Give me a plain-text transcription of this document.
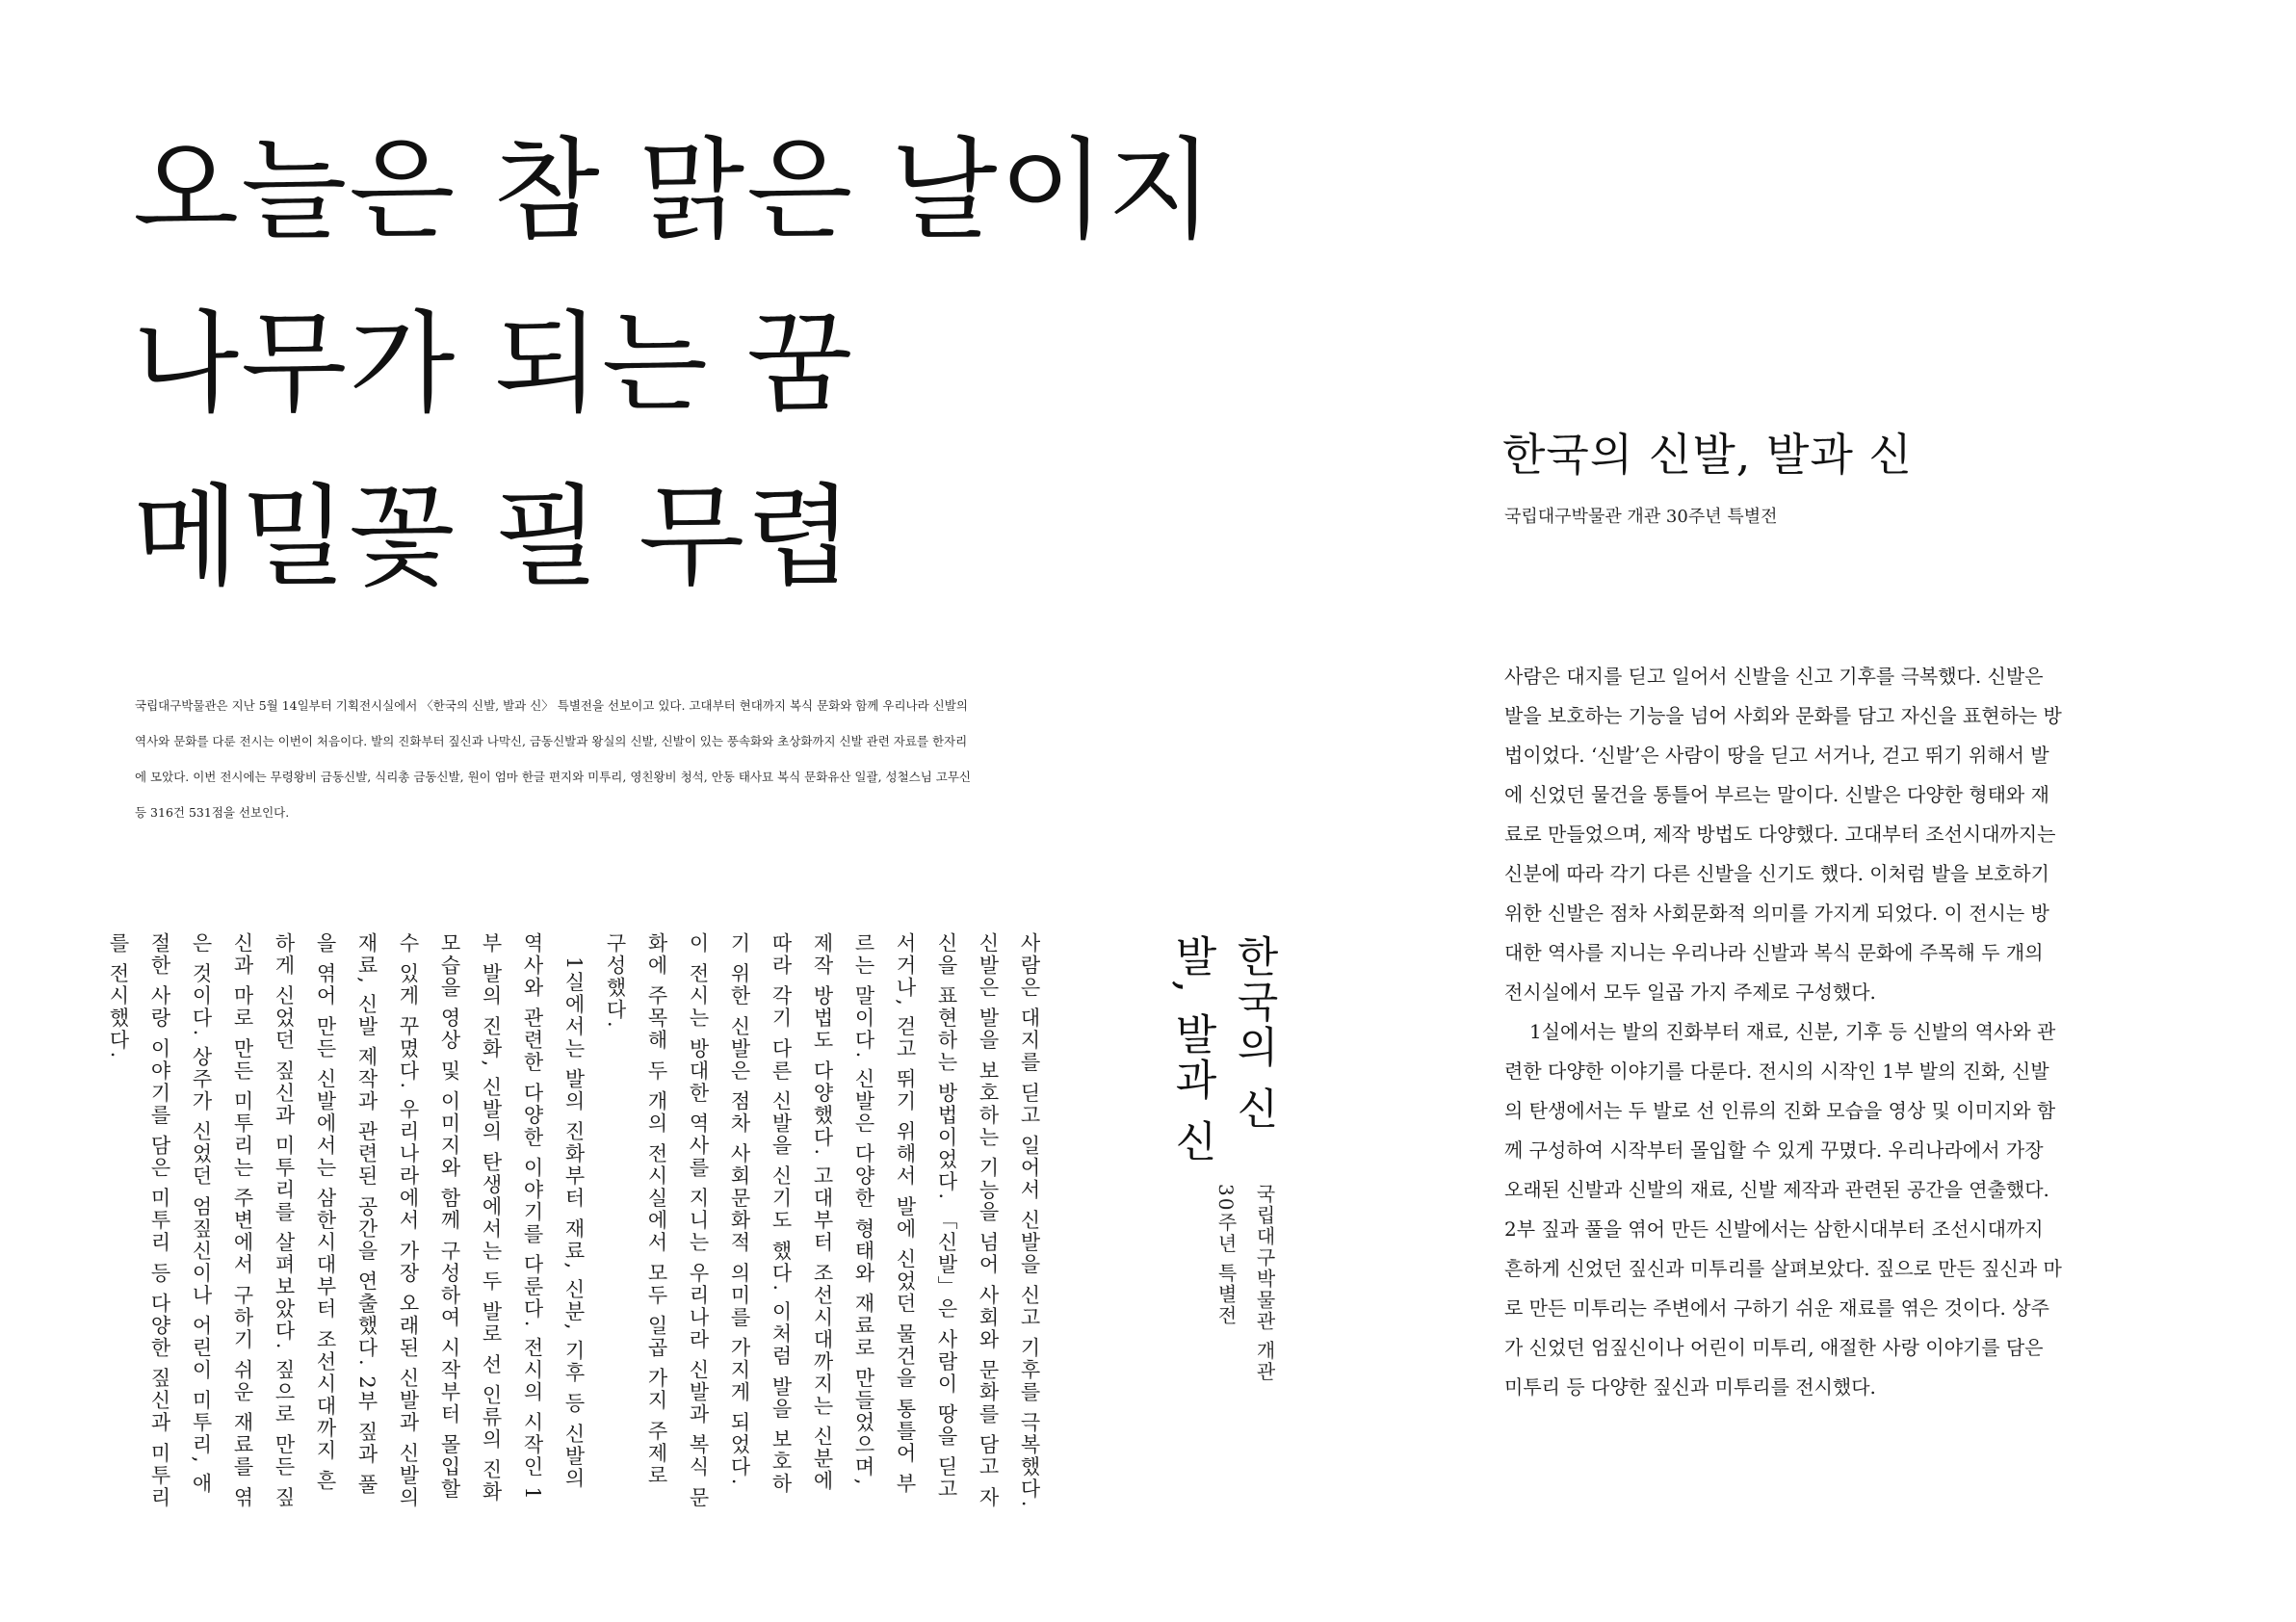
오늘은 참 맑은 날이지
나무가 되는 꿈
메밀꽃 필 무렵

국립대구박물관은 지난 5월 14일부터 기획전시실에서 〈한국의 신발, 발과 신〉 특별전을 선보이고 있다. 고대부터 현대까지 복식 문화와 함께 우리나라 신발의 역사와 문화를 다룬 전시는 이번이 처음이다. 발의 진화부터 짚신과 나막신, 금동신발과 왕실의 신발, 신발이 있는 풍속화와 초상화까지 신발 관련 자료를 한자리에 모았다. 이번 전시에는 무령왕비 금동신발, 식리총 금동신발, 원이 엄마 한글 편지와 미투리, 영친왕비 청석, 안동 태사묘 복식 문화유산 일괄, 성철스님 고무신 등 316건 531점을 선보인다.

사람은 대지를 딛고 일어서 신발을 신고 기후를 극복했다. 신발은 발을 보호하는 기능을 넘어 사회와 문화를 담고 자신을 표현하는 방법이었다. 「신발」은 사람이 땅을 딛고 서거나, 걷고 뛰기 위해서 발에 신었던 물건을 통틀어 부르는 말이다. 신발은 다양한 형태와 재료로 만들었으며, 제작 방법도 다양했다. 고대부터 조선시대까지는 신분에 따라 각기 다른 신발을 신기도 했다. 이처럼 발을 보호하기 위한 신발은 점차 사회문화적 의미를 가지게 되었다. 이 전시는 방대한 역사를 지니는 우리나라 신발과 복식 문화에 주목해 두 개의 전시실에서 모두 일곱 가지 주제로 구성했다.

1실에서는 발의 진화부터 재료, 신분, 기후 등 신발의 역사와 관련한 다양한 이야기를 다룬다. 전시의 시작인 1부 발의 진화, 신발의 탄생에서는 두 발로 선 인류의 진화 모습을 영상 및 이미지와 함께 구성하여 시작부터 몰입할 수 있게 꾸몄다. 우리나라에서 가장 오래된 신발과 신발의 재료, 신발 제작과 관련된 공간을 연출했다. 2부 짚과 풀을 엮어 만든 신발에서는 삼한시대부터 조선시대까지 흔하게 신었던 짚신과 미투리를 살펴보았다. 짚으로 만든 짚신과 마로 만든 미투리는 주변에서 구하기 쉬운 재료를 엮은 것이다. 상주가 신었던 엄짚신이나 어린이 미투리, 애절한 사랑 이야기를 담은 미투리 등 다양한 짚신과 미투리를 전시했다.	한국의 신발, 발과 신
국립대구박물관 개관 30주년 특별전
한국의 신발, 발과 신
국립대구박물관 개관 30주년 특별전

사람은 대지를 딛고 일어서 신발을 신고 기후를 극복했다. 신발은 발을 보호하는 기능을 넘어 사회와 문화를 담고 자신을 표현하는 방법이었다. ‘신발’은 사람이 땅을 딛고 서거나, 걷고 뛰기 위해서 발에 신었던 물건을 통틀어 부르는 말이다. 신발은 다양한 형태와 재료로 만들었으며, 제작 방법도 다양했다. 고대부터 조선시대까지는 신분에 따라 각기 다른 신발을 신기도 했다. 이처럼 발을 보호하기 위한 신발은 점차 사회문화적 의미를 가지게 되었다. 이 전시는 방대한 역사를 지니는 우리나라 신발과 복식 문화에 주목해 두 개의 전시실에서 모두 일곱 가지 주제로 구성했다.

1실에서는 발의 진화부터 재료, 신분, 기후 등 신발의 역사와 관련한 다양한 이야기를 다룬다. 전시의 시작인 1부 발의 진화, 신발의 탄생에서는 두 발로 선 인류의 진화 모습을 영상 및 이미지와 함께 구성하여 시작부터 몰입할 수 있게 꾸몄다. 우리나라에서 가장 오래된 신발과 신발의 재료, 신발 제작과 관련된 공간을 연출했다. 2부 짚과 풀을 엮어 만든 신발에서는 삼한시대부터 조선시대까지 흔하게 신었던 짚신과 미투리를 살펴보았다. 짚으로 만든 짚신과 마로 만든 미투리는 주변에서 구하기 쉬운 재료를 엮은 것이다. 상주가 신었던 엄짚신이나 어린이 미투리, 애절한 사랑 이야기를 담은 미투리 등 다양한 짚신과 미투리를 전시했다.
